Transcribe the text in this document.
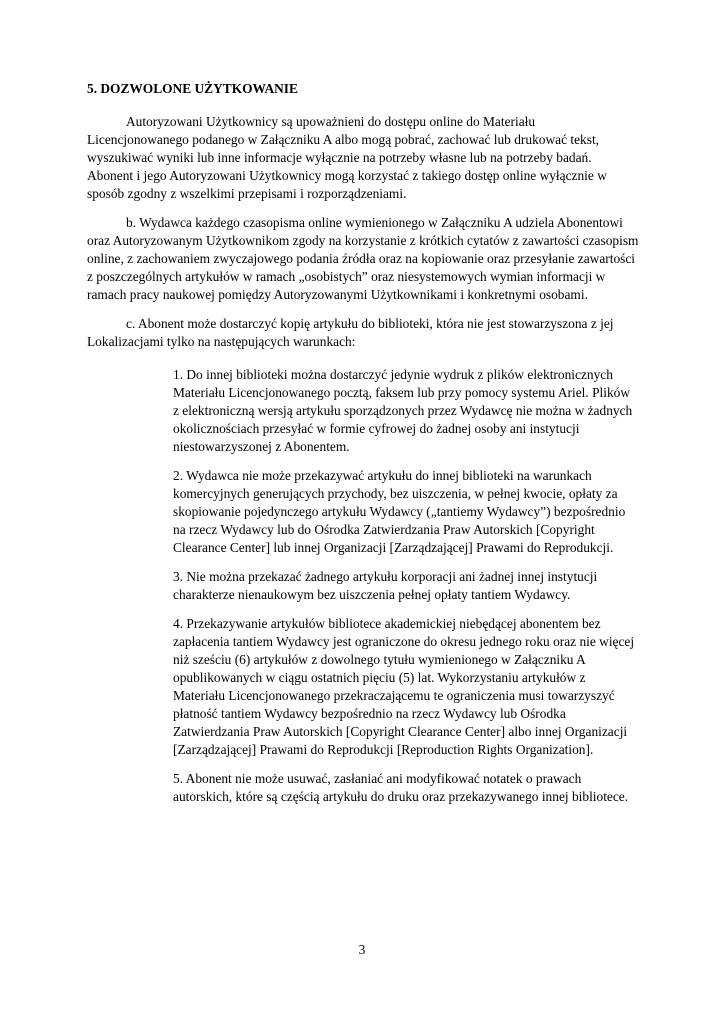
5. DOZWOLONE UŻYTKOWANIE

Autoryzowani Użytkownicy są upoważnieni do dostępu online do Materiału Licencjonowanego podanego w Załączniku A albo mogą pobrać, zachować lub drukować tekst, wyszukiwać wyniki lub inne informacje wyłącznie na potrzeby własne lub na potrzeby badań. Abonent i jego Autoryzowani Użytkownicy mogą korzystać z takiego dostęp online wyłącznie w sposób zgodny z wszelkimi przepisami i rozporządzeniami.

b. Wydawca każdego czasopisma online wymienionego w Załączniku A udziela Abonentowi oraz Autoryzowanym Użytkownikom zgody na korzystanie z krótkich cytatów z zawartości czasopism online, z zachowaniem zwyczajowego podania źródła oraz na kopiowanie oraz przesyłanie zawartości z poszczególnych artykułów w ramach „osobistych” oraz niesystemowych wymian informacji w ramach pracy naukowej pomiędzy Autoryzowanymi Użytkownikami i konkretnymi osobami.

c. Abonent może dostarczyć kopię artykułu do biblioteki, która nie jest stowarzyszona z jej Lokalizacjami tylko na następujących warunkach:

1. Do innej biblioteki można dostarczyć jedynie wydruk z plików elektronicznych Materiału Licencjonowanego pocztą, faksem lub przy pomocy systemu Ariel. Plików z elektroniczną wersją artykułu sporządzonych przez Wydawcę nie można w żadnych okolicznościach przesyłać w formie cyfrowej do żadnej osoby ani instytucji niestowarzyszonej z Abonentem.

2. Wydawca nie może przekazywać artykułu do innej biblioteki na warunkach komercyjnych generujących przychody, bez uiszczenia, w pełnej kwocie, opłaty za skopiowanie pojedynczego artykułu Wydawcy („tantiemy Wydawcy”) bezpośrednio na rzecz Wydawcy lub do Ośrodka Zatwierdzania Praw Autorskich [Copyright Clearance Center] lub innej Organizacji [Zarządzającej] Prawami do Reprodukcji.

3. Nie można przekazać żadnego artykułu korporacji ani żadnej innej instytucji charakterze nienaukowym bez uiszczenia pełnej opłaty tantiem Wydawcy.

4. Przekazywanie artykułów bibliotece akademickiej niebędącej abonentem bez zapłacenia tantiem Wydawcy jest ograniczone do okresu jednego roku oraz nie więcej niż sześciu (6) artykułów z dowolnego tytułu wymienionego w Załączniku A opublikowanych w ciągu ostatnich pięciu (5) lat. Wykorzystaniu artykułów z Materiału Licencjonowanego przekraczającemu te ograniczenia musi towarzyszyć płatność tantiem Wydawcy bezpośrednio na rzecz Wydawcy lub Ośrodka Zatwierdzania Praw Autorskich [Copyright Clearance Center] albo innej Organizacji [Zarządzającej] Prawami do Reprodukcji [Reproduction Rights Organization].

5. Abonent nie może usuwać, zasłaniać ani modyfikować notatek o prawach autorskich, które są częścią artykułu do druku oraz przekazywanego innej bibliotece.

3
